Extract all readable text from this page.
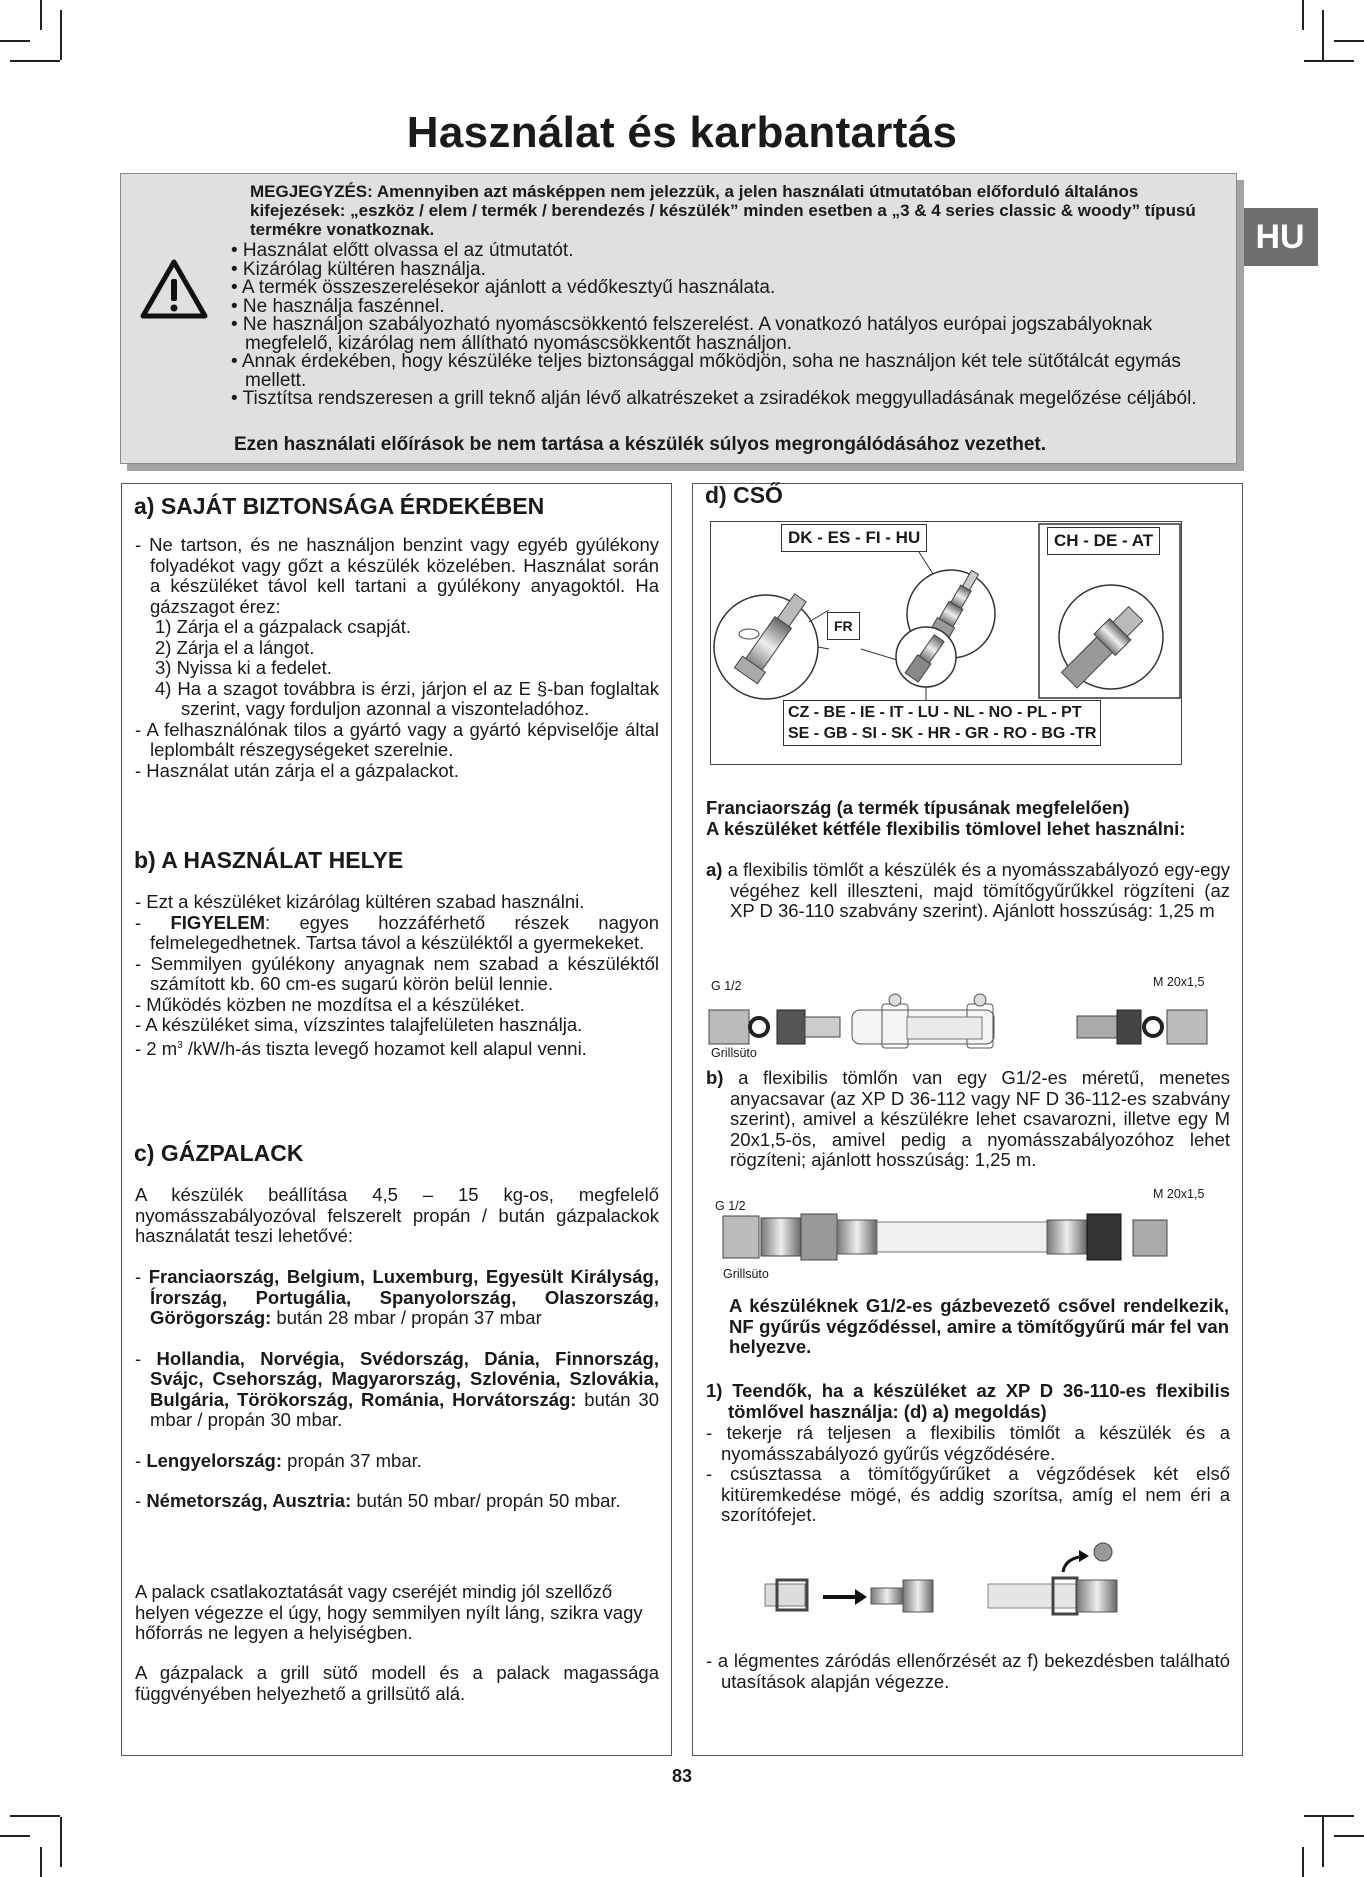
Használat és karbantartás
HU
MEGJEGYZÉS: Amennyiben azt másképpen nem jelezzük, a jelen használati útmutatóban előforduló általános kifejezések: „eszköz / elem / termék / berendezés / készülék” minden esetben a „3 & 4 series classic & woody” típusú termékre vonatkoznak.
• Használat előtt olvassa el az útmutatót.
• Kizárólag kültéren használja.
• A termék összeszerelésekor ajánlott a védőkesztyű használata.
• Ne használja faszénnel.
• Ne használjon szabályozható nyomáscsökkentó felszerelést. A vonatkozó hatályos európai jogszabályoknak megfelelő, kizárólag nem állítható nyomáscsökkentőt használjon.
• Annak érdekében, hogy készüléke teljes biztonsággal mőködjön, soha ne használjon két tele sütőtálcát egymás mellett.
• Tisztítsa rendszeresen a grill teknő alján lévő alkatrészeket a zsiradékok meggyulladásának megelőzése céljából.
Ezen használati előírások be nem tartása a készülék súlyos megrongálódásához vezethet.
a) SAJÁT BIZTONSÁGA ÉRDEKÉBEN
- Ne tartson, és ne használjon benzint vagy egyéb gyúlékony folyadékot vagy gőzt a készülék közelében. Használat során a készüléket távol kell tartani a gyúlékony anyagoktól. Ha gázszagot érez:
1) Zárja el a gázpalack csapját.
2) Zárja el a lángot.
3) Nyissa ki a fedelet.
4) Ha a szagot továbbra is érzi, járjon el az E §-ban foglaltak szerint, vagy forduljon azonnal a viszonteladóhoz.
- A felhasználónak tilos a gyártó vagy a gyártó képviselője által leplombált részegységeket szerelnie.
- Használat után zárja el a gázpalackot.
b) A HASZNÁLAT HELYE
- Ezt a készüléket kizárólag kültéren szabad használni.
- FIGYELEM: egyes hozzáférhető részek nagyon felmelegedhetnek. Tartsa távol a készüléktől a gyermekeket.
- Semmilyen gyúlékony anyagnak nem szabad a készüléktől számított kb. 60 cm-es sugarú körön belül lennie.
- Működés közben ne mozdítsa el a készüléket.
- A készüléket sima, vízszintes talajfelületen használja.
- 2 $m^3$ /kW/h-ás tiszta levegő hozamot kell alapul venni.
c) GÁZPALACK
A készülék beállítása 4,5 – 15 kg-os, megfelelő nyomásszabályozóval felszerelt propán / bután gázpalackok használatát teszi lehetővé:
- Franciaország, Belgium, Luxemburg, Egyesült Királyság, Írország, Portugália, Spanyolország, Olaszország, Görögország: bután 28 mbar / propán 37 mbar
- Hollandia, Norvégia, Svédország, Dánia, Finnország, Svájc, Csehország, Magyarország, Szlovénia, Szlovákia, Bulgária, Törökország, Románia, Horvátország: bután 30 mbar / propán 30 mbar.
- Lengyelország: propán 37 mbar.
- Németország, Ausztria: bután 50 mbar/ propán 50 mbar.
A palack csatlakoztatását vagy cseréjét mindig jól szellőző helyen végezze el úgy, hogy semmilyen nyílt láng, szikra vagy hőforrás ne legyen a helyiségben.
A gázpalack a grill sütő modell és a palack magassága függvényében helyezhető a grillsütő alá.
d) CSŐ
DK - ES - FI - HU	CH - DE - AT
FR
CZ - BE - IE - IT - LU - NL - NO - PL - PT
SE - GB - SI - SK - HR - GR - RO - BG -TR
Franciaország (a termék típusának megfelelően)
A készüléket kétféle flexibilis tömlovel lehet használni:
a) a flexibilis tömlőt a készülék és a nyomásszabályozó egy-egy végéhez kell illeszteni, majd tömítőgyűrűkkel rögzíteni (az XP D 36-110 szabvány szerint). Ajánlott hosszúság: 1,25 m
G 1/2	M 20x1,5
Grillsüto
b) a flexibilis tömlőn van egy G1/2-es méretű, menetes anyacsavar (az XP D 36-112 vagy NF D 36-112-es szabvány szerint), amivel a készülékre lehet csavarozni, illetve egy M 20x1,5-ös, amivel pedig a nyomásszabályozóhoz lehet rögzíteni; ajánlott hosszúság: 1,25 m.
G 1/2
M 20x1,5
Grillsüto
A készüléknek G1/2-es gázbevezető csővel rendelkezik, NF gyűrűs végződéssel, amire a tömítőgyűrű már fel van helyezve.
1) Teendők, ha a készüléket az XP D 36-110-es flexibilis tömlővel használja: (d) a) megoldás)
- tekerje rá teljesen a flexibilis tömlőt a készülék és a nyomásszabályozó gyűrűs végződésére.
- csúsztassa a tömítőgyűrűket a végződések két első kitüremkedése mögé, és addig szorítsa, amíg el nem éri a szorítófejet.
- a légmentes záródás ellenőrzését az f) bekezdésben található utasítások alapján végezze.
83
